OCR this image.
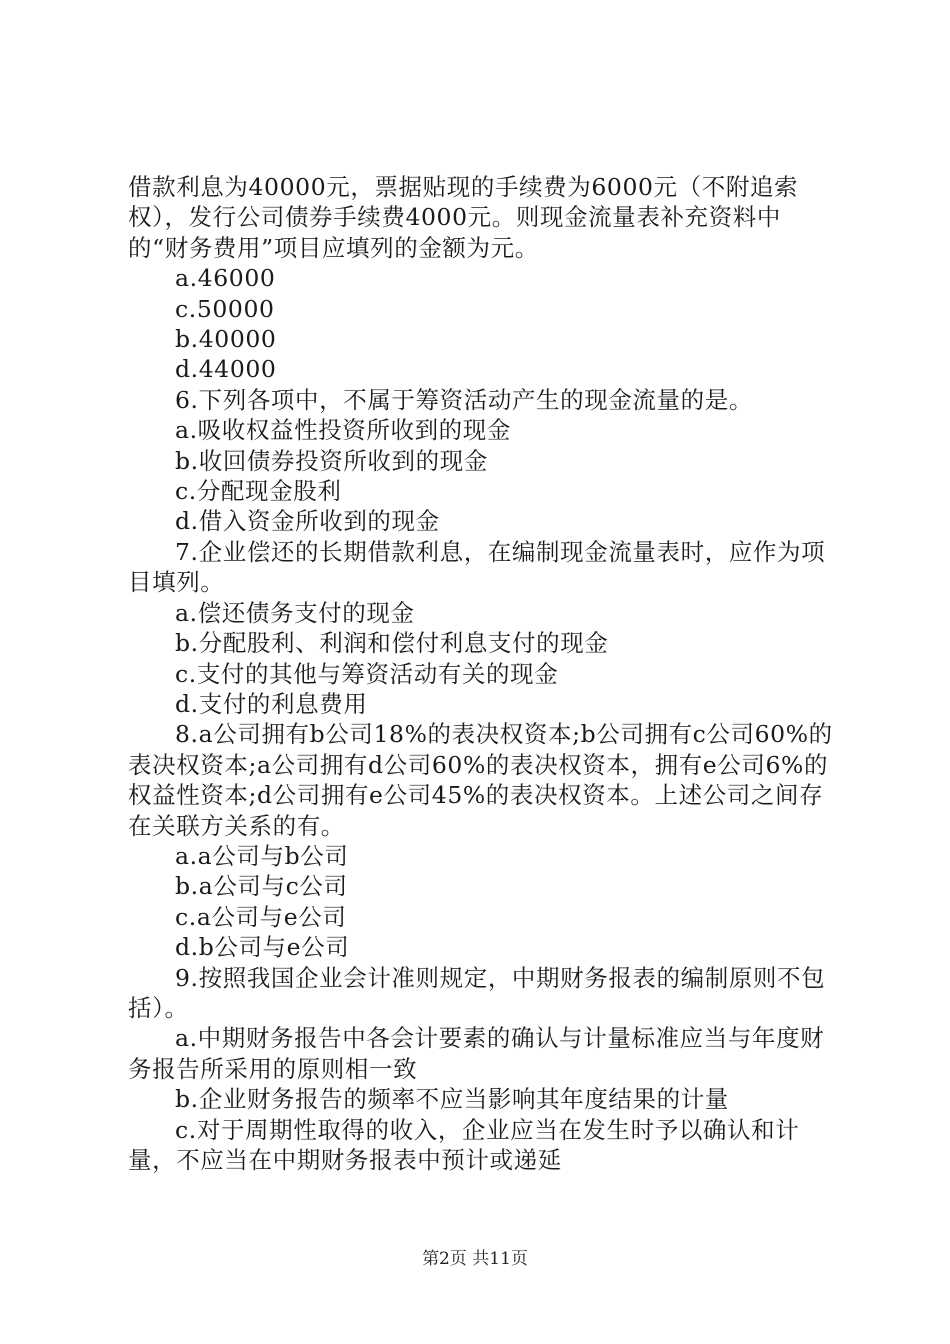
借款利息为40000元，票据贴现的手续费为6000元（不附追索权），发行公司债券手续费4000元。则现金流量表补充资料中的“财务费用”项目应填列的金额为元。

a.46000

c.50000

b.40000

d.44000

6.下列各项中，不属于筹资活动产生的现金流量的是。

a.吸收权益性投资所收到的现金

b.收回债券投资所收到的现金

c.分配现金股利

d.借入资金所收到的现金

7.企业偿还的长期借款利息，在编制现金流量表时，应作为项目填列。

a.偿还债务支付的现金

b.分配股利、利润和偿付利息支付的现金

c.支付的其他与筹资活动有关的现金

d.支付的利息费用

8.a公司拥有b公司18%的表决权资本;b公司拥有c公司60%的表决权资本;a公司拥有d公司60%的表决权资本，拥有e公司6%的权益性资本;d公司拥有e公司45%的表决权资本。上述公司之间存在关联方关系的有。

a.a公司与b公司

b.a公司与c公司

c.a公司与e公司

d.b公司与e公司

9.按照我国企业会计准则规定，中期财务报表的编制原则不包括）。

a.中期财务报告中各会计要素的确认与计量标准应当与年度财务报告所采用的原则相一致

b.企业财务报告的频率不应当影响其年度结果的计量

c.对于周期性取得的收入，企业应当在发生时予以确认和计量，不应当在中期财务报表中预计或递延

第2页 共11页
